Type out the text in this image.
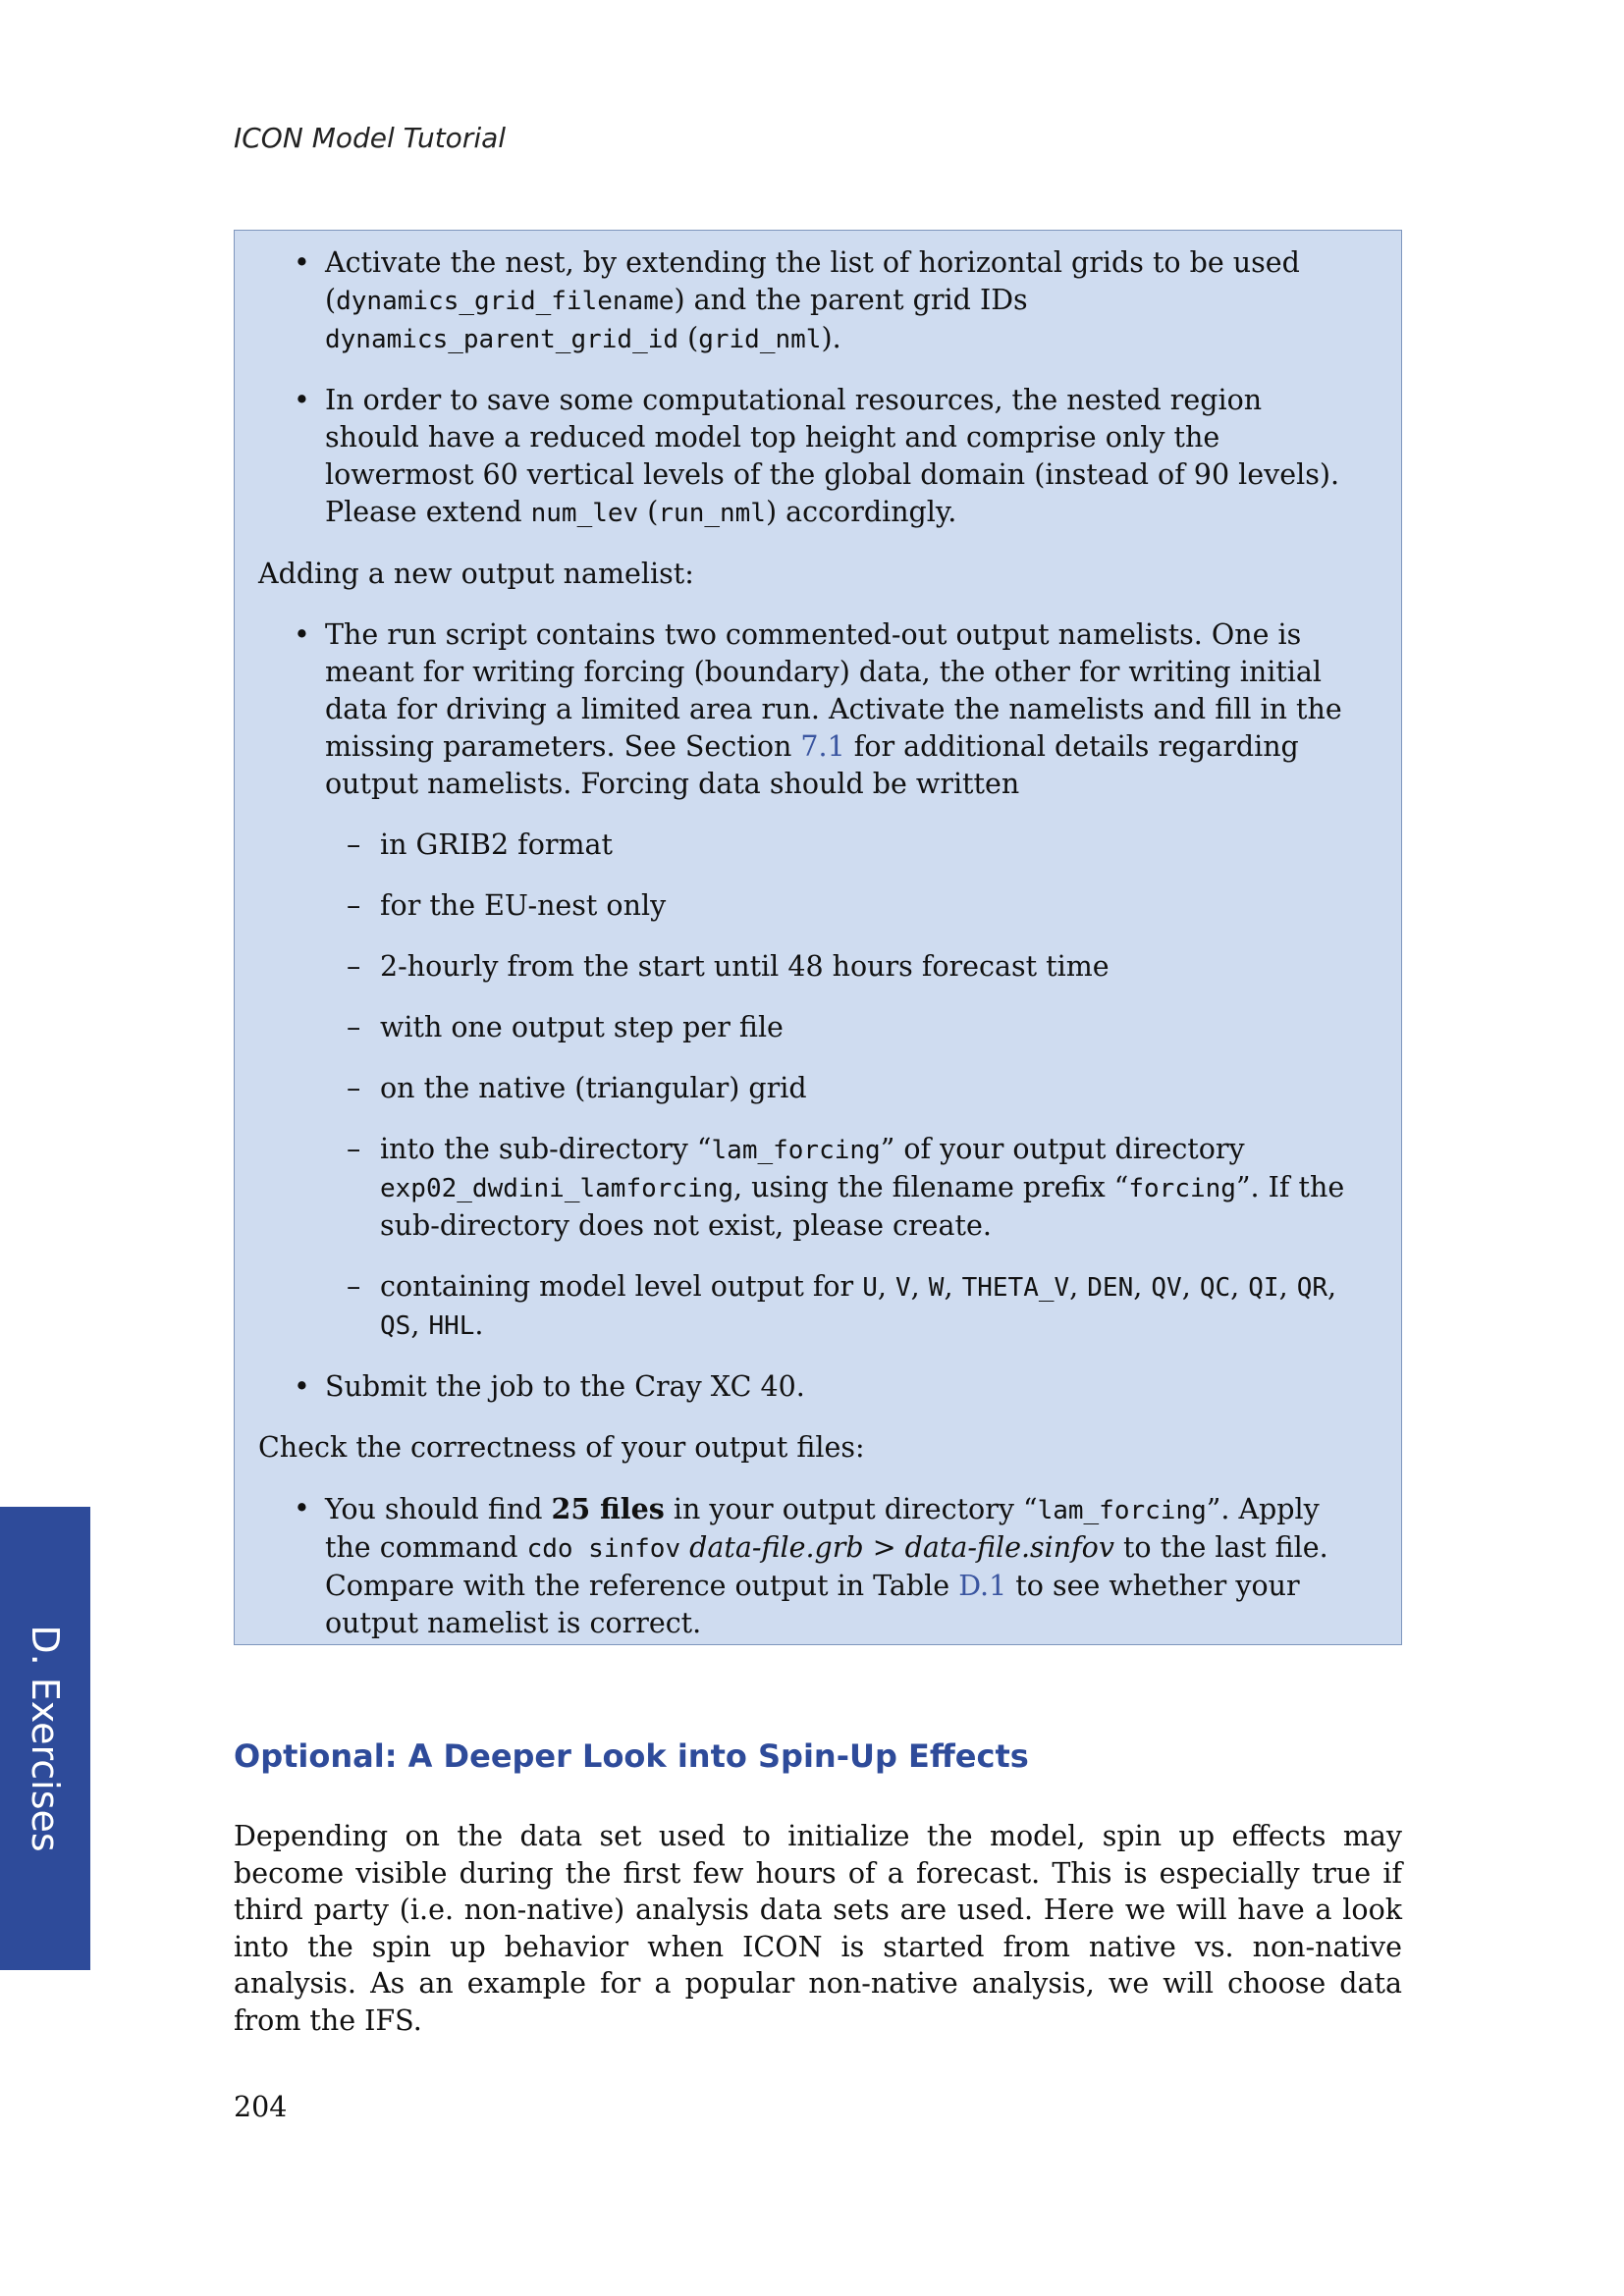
ICON Model Tutorial
• Activate the nest, by extending the list of horizontal grids to be used (dynamics_grid_filename) and the parent grid IDs dynamics_parent_grid_id (grid_nml).
• In order to save some computational resources, the nested region should have a reduced model top height and comprise only the lowermost 60 vertical levels of the global domain (instead of 90 levels). Please extend num_lev (run_nml) accordingly.

Adding a new output namelist:

• The run script contains two commented-out output namelists. One is meant for writing forcing (boundary) data, the other for writing initial data for driving a limited area run. Activate the namelists and fill in the missing parameters. See Section 7.1 for additional details regarding output namelists. Forcing data should be written
– in GRIB2 format
– for the EU-nest only
– 2-hourly from the start until 48 hours forecast time
– with one output step per file
– on the native (triangular) grid
– into the sub-directory “lam_forcing” of your output directory exp02_dwdini_lamforcing, using the filename prefix “forcing”. If the sub-directory does not exist, please create.
– containing model level output for U, V, W, THETA_V, DEN, QV, QC, QI, QR, QS, HHL.
• Submit the job to the Cray XC 40.

Check the correctness of your output files:

• You should find 25 files in your output directory “lam_forcing”. Apply the command cdo sinfov data-file.grb > data-file.sinfov to the last file. Compare with the reference output in Table D.1 to see whether your output namelist is correct.
D. Exercises	Optional: A Deeper Look into Spin-Up Effects

Depending on the data set used to initialize the model, spin up effects may become visible during the first few hours of a forecast. This is especially true if third party (i.e. non-native) analysis data sets are used. Here we will have a look into the spin up behavior when ICON is started from native vs. non-native analysis. As an example for a popular non-native analysis, we will choose data from the IFS.

204
